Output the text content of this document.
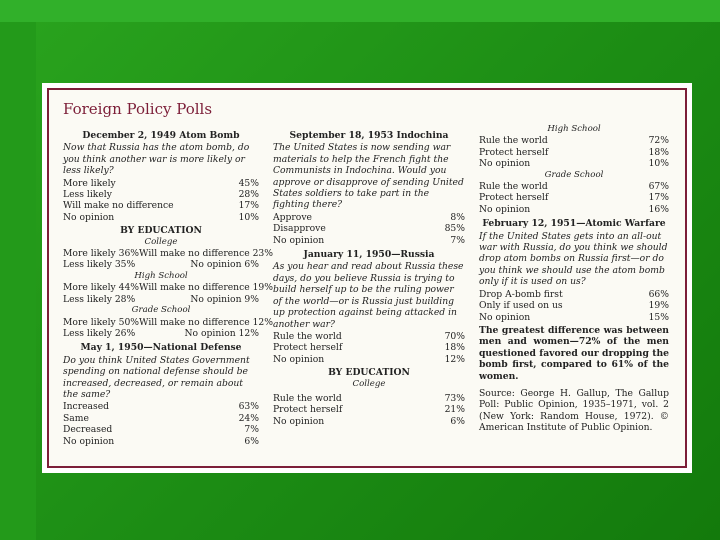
Foreign Policy Polls
December 2, 1949 Atom Bomb
Now that Russia has the atom bomb, do you think another war is more likely or less likely?
More likely	45%
Less likely	28%
Will make no difference	17%
No opinion	10%
BY EDUCATION
College
More likely 36% Will make no difference 23%
Less likely 35%	No opinion 6%
High School
More likely 44% Will make no difference 19%
Less likely 28%	No opinion 9%
Grade School
More likely 50% Will make no difference 12%
Less likely 26%	No opinion 12%
May 1, 1950—National Defense
Do you think United States Government spending on national defense should be increased, decreased, or remain about the same?
Increased	63%
Same	24%
Decreased	7%
No opinion	6%
September 18, 1953 Indochina
The United States is now sending war materials to help the French fight the Communists in Indochina. Would you approve or disapprove of sending United States soldiers to take part in the fighting there?
Approve	8%
Disapprove	85%
No opinion	7%
January 11, 1950—Russia
As you hear and read about Russia these days, do you believe Russia is trying to build herself up to be the ruling power of the world—or is Russia just building up protection against being attacked in another war?
Rule the world	70%
Protect herself	18%
No opinion	12%
BY EDUCATION
College
Rule the world	73%
Protect herself	21%
No opinion	6%
High School
Rule the world	72%
Protect herself	18%
No opinion	10%
Grade School
Rule the world	67%
Protect herself	17%
No opinion	16%
February 12, 1951—Atomic Warfare
If the United States gets into an all-out war with Russia, do you think we should drop atom bombs on Russia first—or do you think we should use the atom bomb only if it is used on us?
Drop A-bomb first	66%
Only if used on us	19%
No opinion	15%
The greatest difference was between men and women—72% of the men questioned favored our dropping the bomb first, compared to 61% of the women.
Source: George H. Gallup, The Gallup Poll: Public Opinion, 1935–1971, vol. 2 (New York: Random House, 1972). © American Institute of Public Opinion.
